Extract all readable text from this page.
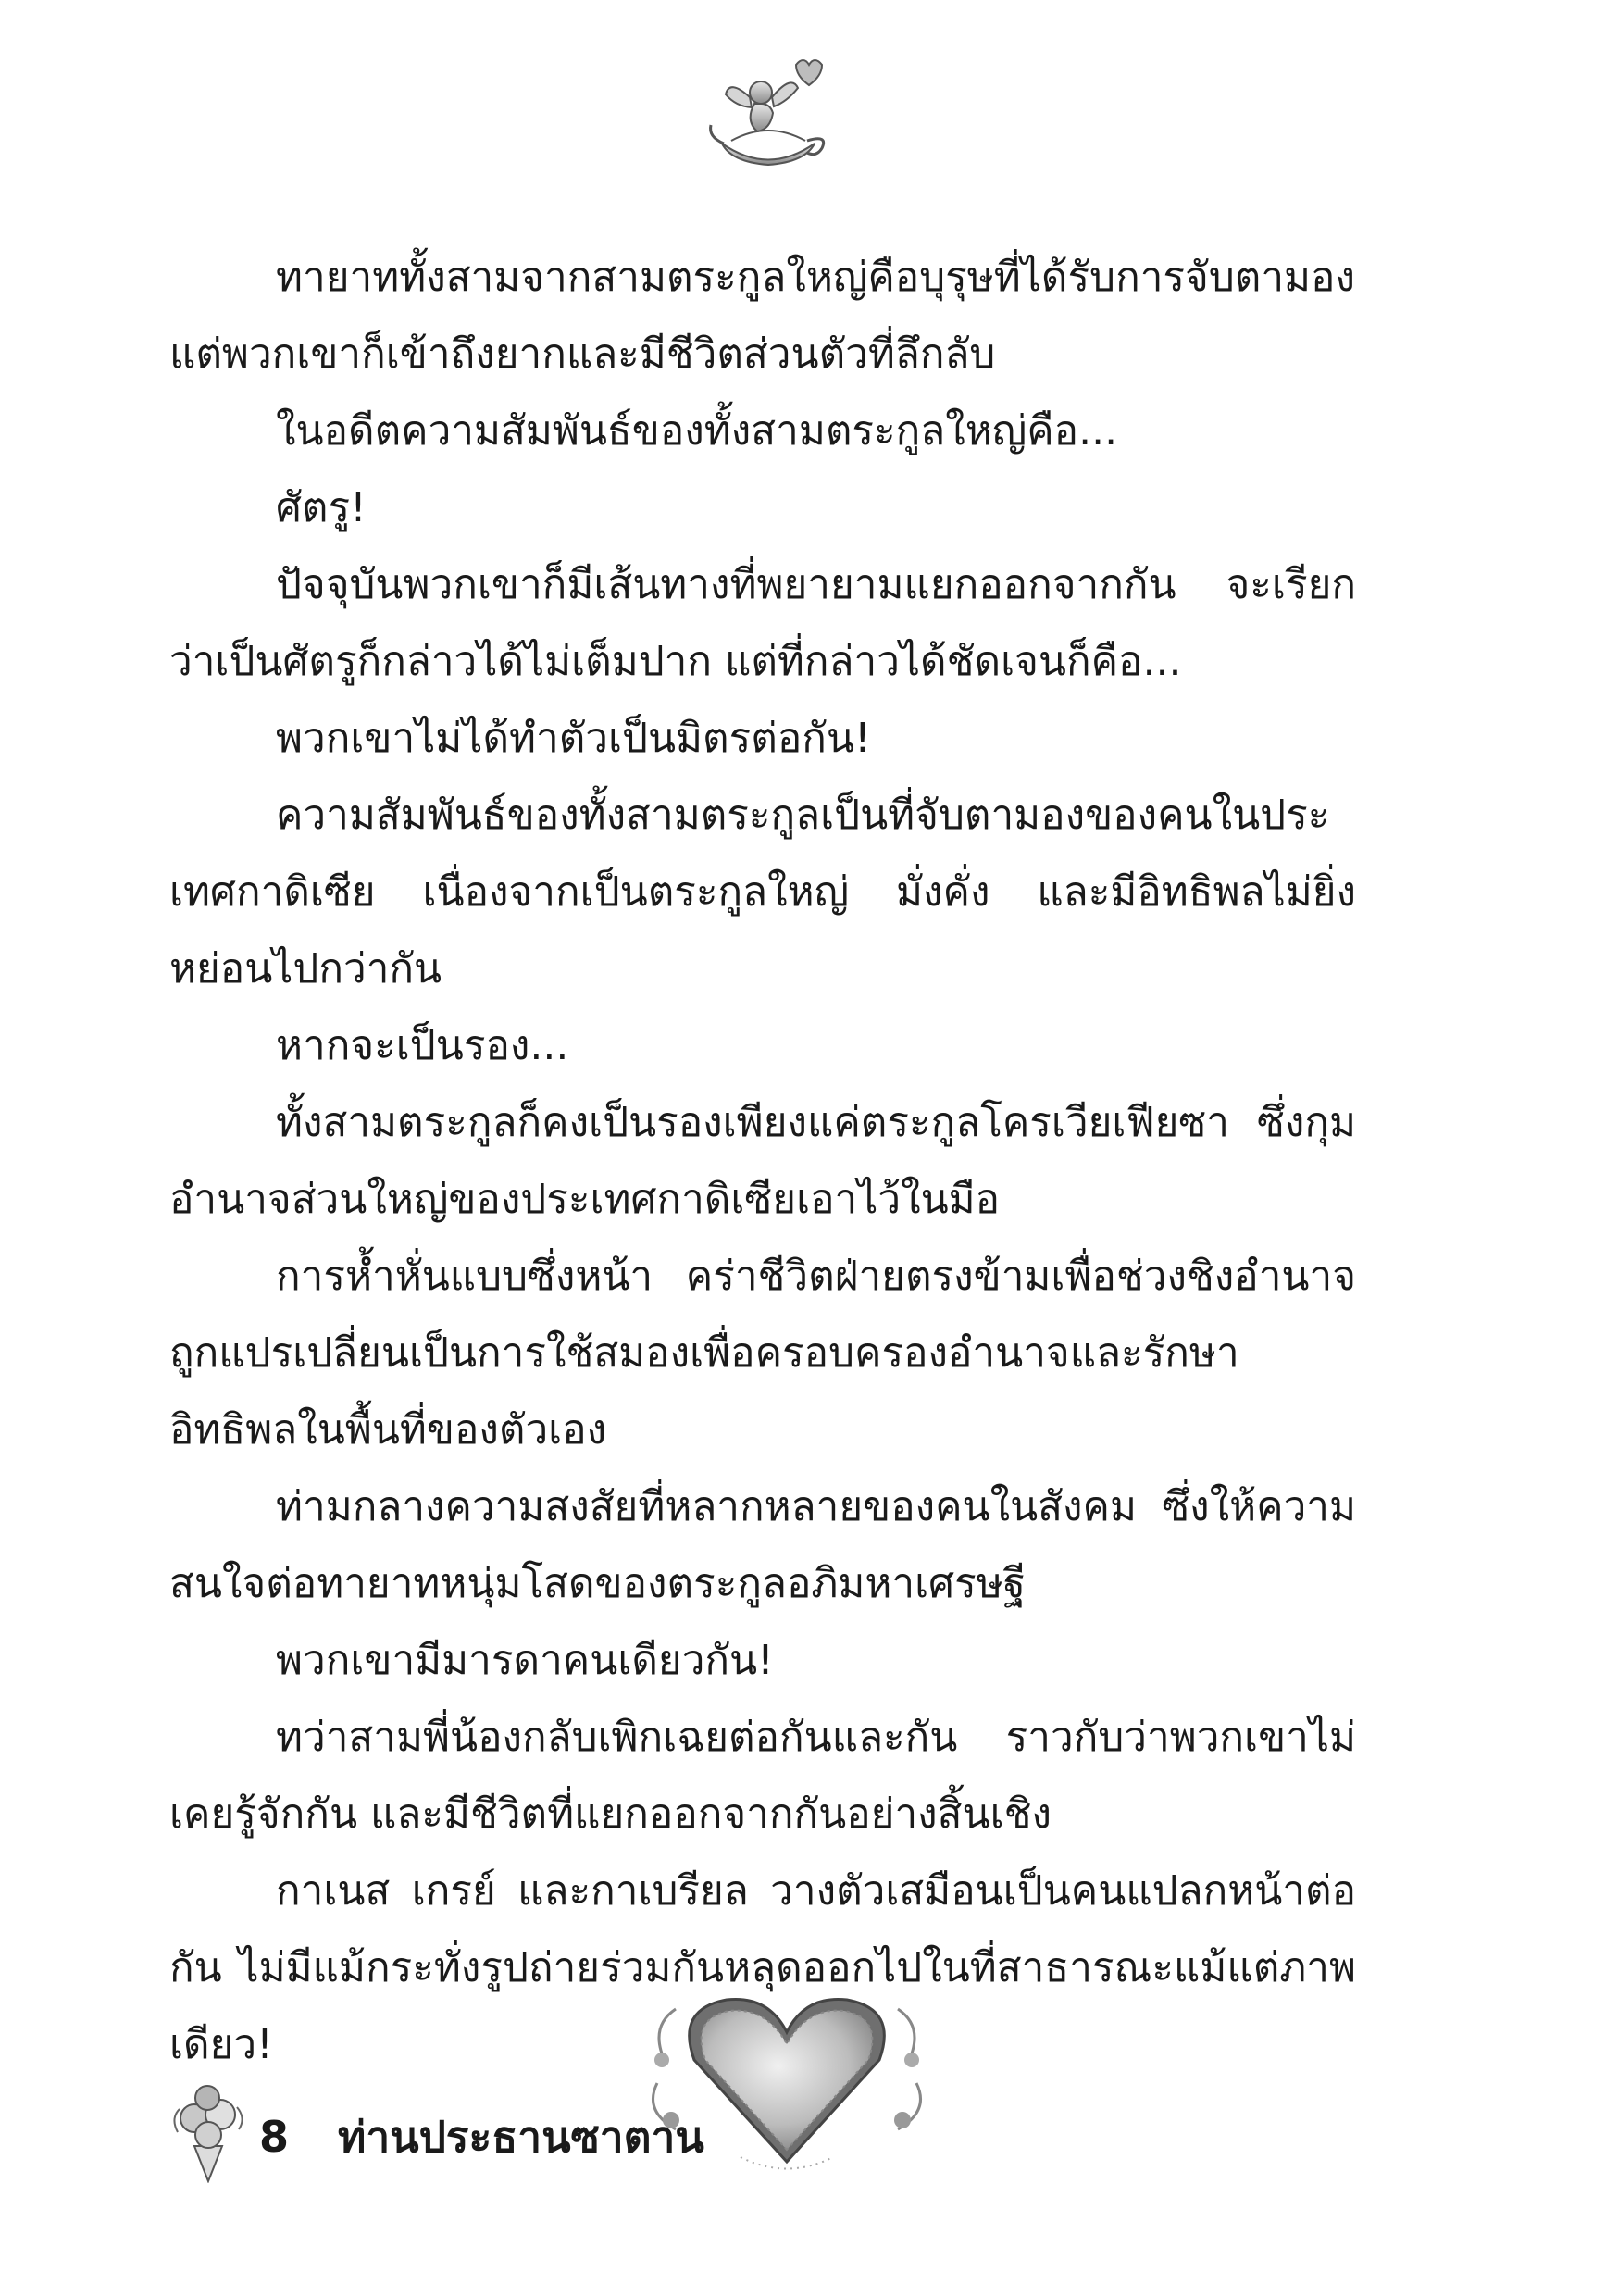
ทายาททั้งสามจากสามตระกูลใหญ่คือบุรุษที่ได้รับการจับตามอง แต่พวกเขาก็เข้าถึงยากและมีชีวิตส่วนตัวที่ลึกลับ

ในอดีตความสัมพันธ์ของทั้งสามตระกูลใหญ่คือ...

ศัตรู!

ปัจจุบันพวกเขาก็มีเส้นทางที่พยายามแยกออกจากกัน จะเรียกว่าเป็นศัตรูก็กล่าวได้ไม่เต็มปาก แต่ที่กล่าวได้ชัดเจนก็คือ...

พวกเขาไม่ได้ทำตัวเป็นมิตรต่อกัน!

ความสัมพันธ์ของทั้งสามตระกูลเป็นที่จับตามองของคนในประเทศกาดิเซีย เนื่องจากเป็นตระกูลใหญ่ มั่งคั่ง และมีอิทธิพลไม่ยิ่งหย่อนไปกว่ากัน

หากจะเป็นรอง...

ทั้งสามตระกูลก็คงเป็นรองเพียงแค่ตระกูลโครเวียเฟียซา ซึ่งกุมอำนาจส่วนใหญ่ของประเทศกาดิเซียเอาไว้ในมือ

การห้ำหั่นแบบซึ่งหน้า คร่าชีวิตฝ่ายตรงข้ามเพื่อช่วงชิงอำนาจถูกแปรเปลี่ยนเป็นการใช้สมองเพื่อครอบครองอำนาจและรักษาอิทธิพลในพื้นที่ของตัวเอง

ท่ามกลางความสงสัยที่หลากหลายของคนในสังคม ซึ่งให้ความสนใจต่อทายาทหนุ่มโสดของตระกูลอภิมหาเศรษฐี

พวกเขามีมารดาคนเดียวกัน!

ทว่าสามพี่น้องกลับเพิกเฉยต่อกันและกัน ราวกับว่าพวกเขาไม่เคยรู้จักกัน และมีชีวิตที่แยกออกจากกันอย่างสิ้นเชิง

กาเนส เกรย์ และกาเบรียล วางตัวเสมือนเป็นคนแปลกหน้าต่อกัน ไม่มีแม้กระทั่งรูปถ่ายร่วมกันหลุดออกไปในที่สาธารณะแม้แต่ภาพเดียว!

8 ท่านประธานซาตาน
